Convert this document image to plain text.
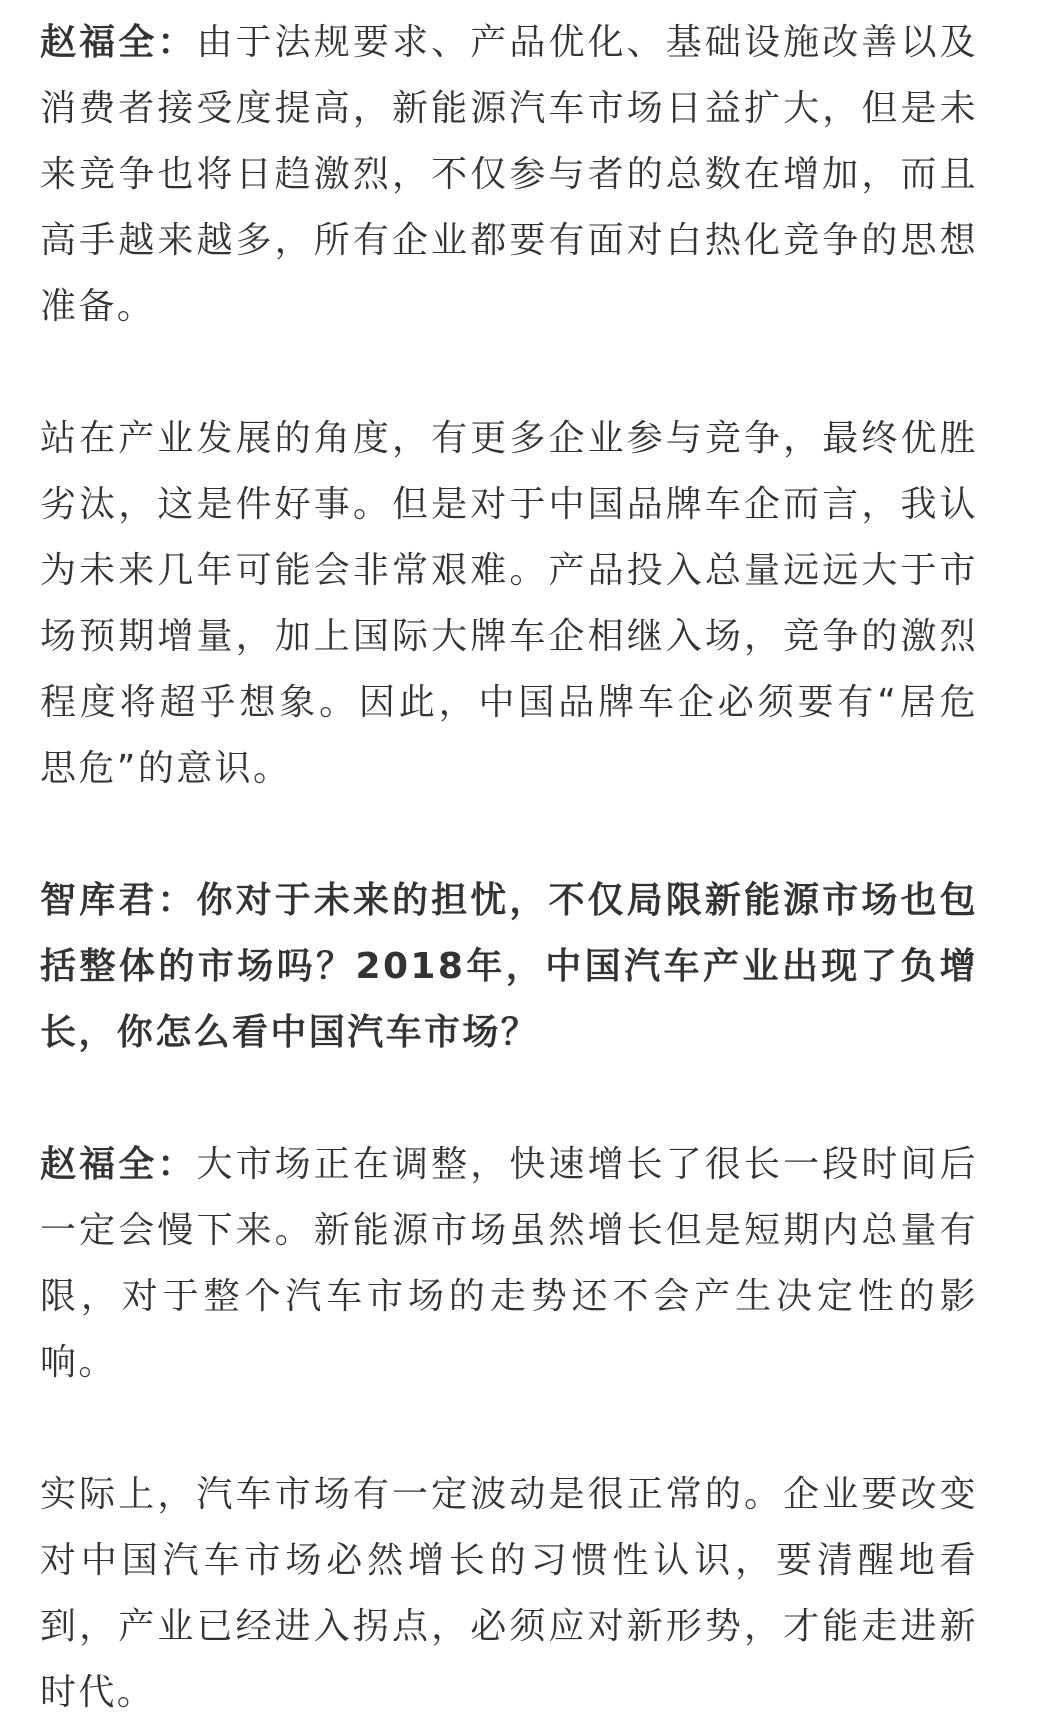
赵福全：由于法规要求、产品优化、基础设施改善以及消费者接受度提高，新能源汽车市场日益扩大，但是未来竞争也将日趋激烈，不仅参与者的总数在增加，而且高手越来越多，所有企业都要有面对白热化竞争的思想准备。

站在产业发展的角度，有更多企业参与竞争，最终优胜劣汰，这是件好事。但是对于中国品牌车企而言，我认为未来几年可能会非常艰难。产品投入总量远远大于市场预期增量，加上国际大牌车企相继入场，竞争的激烈程度将超乎想象。因此，中国品牌车企必须要有“居危思危”的意识。

智库君：你对于未来的担忧，不仅局限新能源市场也包括整体的市场吗？2018年，中国汽车产业出现了负增长，你怎么看中国汽车市场？

赵福全：大市场正在调整，快速增长了很长一段时间后一定会慢下来。新能源市场虽然增长但是短期内总量有限，对于整个汽车市场的走势还不会产生决定性的影响。

实际上，汽车市场有一定波动是很正常的。企业要改变对中国汽车市场必然增长的习惯性认识，要清醒地看到，产业已经进入拐点，必须应对新形势，才能走进新时代。
